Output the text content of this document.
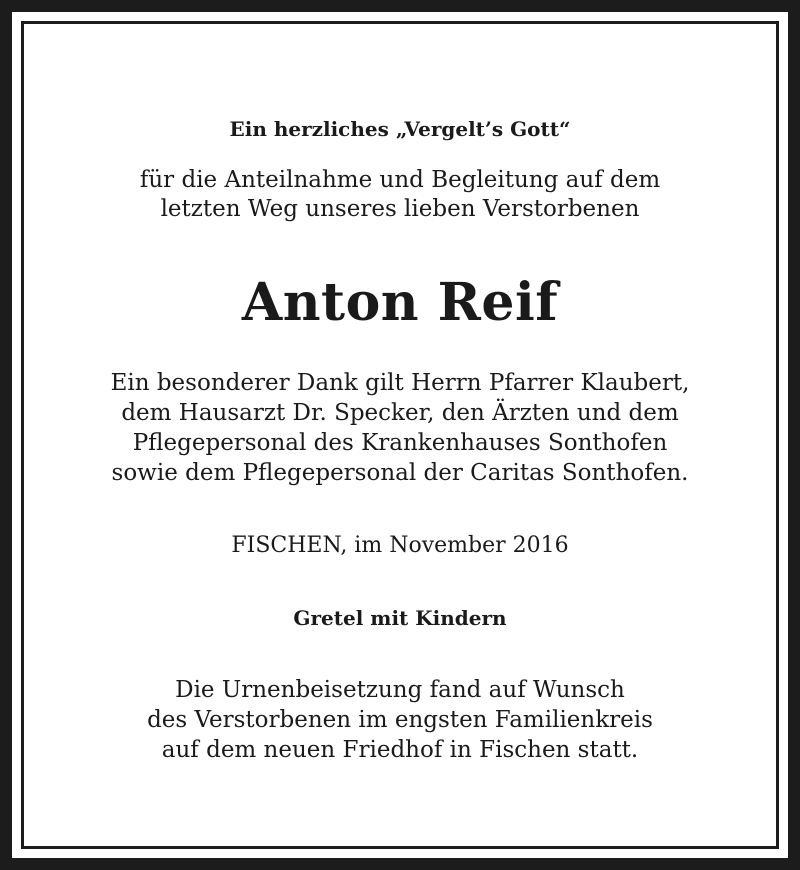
Ein herzliches „Vergelt’s Gott“
für die Anteilnahme und Begleitung auf dem
letzten Weg unseres lieben Verstorbenen
Anton Reif
Ein besonderer Dank gilt Herrn Pfarrer Klaubert,
dem Hausarzt Dr. Specker, den Ärzten und dem
Pflegepersonal des Krankenhauses Sonthofen
sowie dem Pflegepersonal der Caritas Sonthofen.
FISCHEN, im November 2016
Gretel mit Kindern
Die Urnenbeisetzung fand auf Wunsch
des Verstorbenen im engsten Familienkreis
auf dem neuen Friedhof in Fischen statt.
